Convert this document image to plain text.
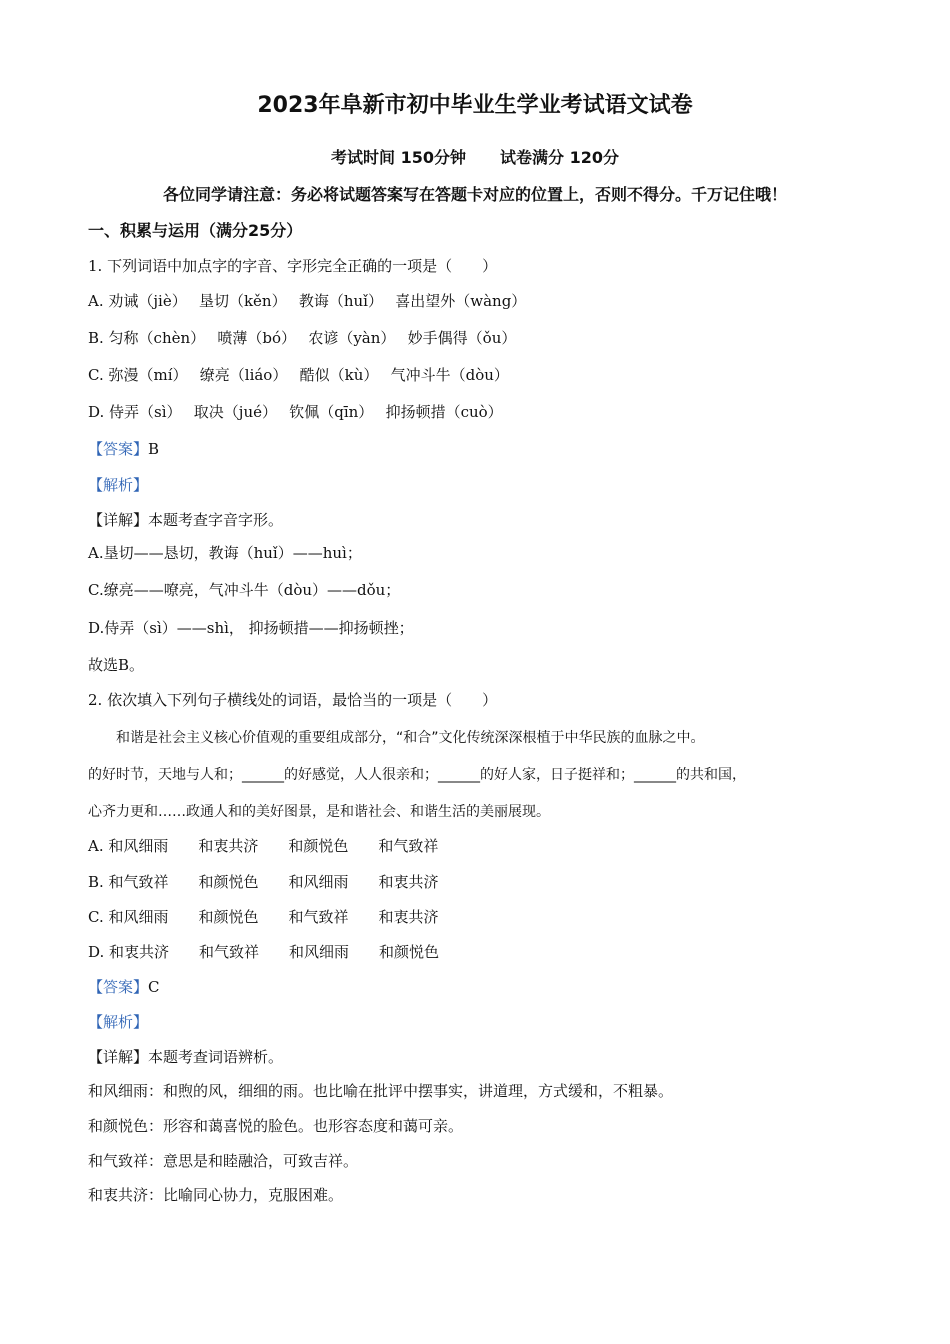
2023年阜新市初中毕业生学业考试语文试卷
考试时间 150分钟 试卷满分 120分
各位同学请注意：务必将试题答案写在答题卡对应的位置上，否则不得分。千万记住哦！
一、积累与运用（满分25分）
1. 下列词语中加点字的字音、字形完全正确的一项是（　　）
A. 劝诫（jiè）　 垦切（kěn）　 教诲（huǐ）　 喜出望外（wàng）
B. 匀称（chèn）　 喷薄（bó）　 农谚（yàn）　 妙手偶得（ǒu）
C. 弥漫（mí）　 缭亮（liáo）　 酷似（kù）　 气冲斗牛（dòu）
D. 侍弄（sì）　 取决（jué）　 钦佩（qīn）　 抑扬顿措（cuò）
【答案】B
【解析】
【详解】本题考查字音字形。
A.垦切——恳切，教诲（huǐ）——huì；
C.缭亮——嘹亮，气冲斗牛（dòu）——dǒu；
D.侍弄（sì）——shì， 抑扬顿措——抑扬顿挫；
故选B。
2. 依次填入下列句子横线处的词语，最恰当的一项是（　　）
　　和谐是社会主义核心价值观的重要组成部分，“和合”文化传统深深根植于中华民族的血脉之中。
的好时节，天地与人和；______的好感觉，人人很亲和；______的好人家，日子挺祥和；______的共和国，
心齐力更和……政通人和的美好图景，是和谐社会、和谐生活的美丽展现。
A. 和风细雨　　和衷共济　　和颜悦色　　和气致祥
B. 和气致祥　　和颜悦色　　和风细雨　　和衷共济
C. 和风细雨　　和颜悦色　　和气致祥　　和衷共济
D. 和衷共济　　和气致祥　　和风细雨　　和颜悦色
【答案】C
【解析】
【详解】本题考查词语辨析。
和风细雨：和煦的风，细细的雨。也比喻在批评中摆事实，讲道理，方式缓和，不粗暴。
和颜悦色：形容和蔼喜悦的脸色。也形容态度和蔼可亲。
和气致祥：意思是和睦融洽，可致吉祥。
和衷共济：比喻同心协力，克服困难。
